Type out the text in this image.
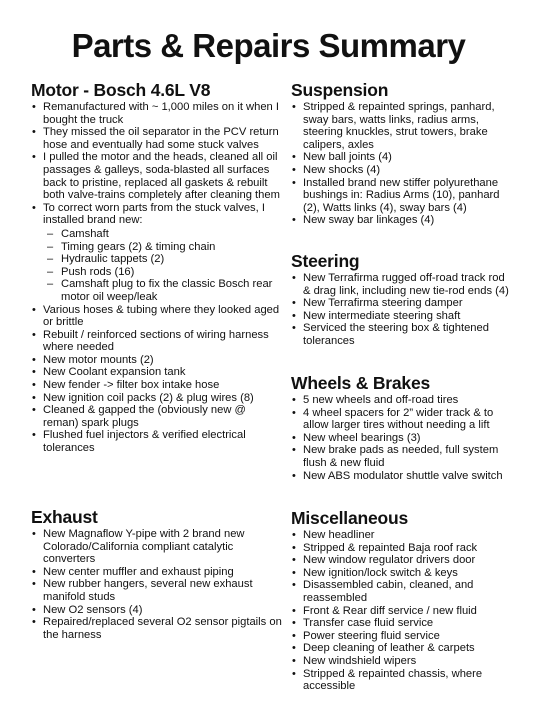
Parts & Repairs Summary
Motor - Bosch 4.6L V8
• Remanufactured with ~ 1,000 miles on it when I bought the truck
• They missed the oil separator in the PCV return hose and eventually had some stuck valves
• I pulled the motor and the heads, cleaned all oil passages & galleys, soda-blasted all surfaces back to pristine, replaced all gaskets & rebuilt both valve-trains completely after cleaning them
• To correct worn parts from the stuck valves, I installed brand new:
– Camshaft
– Timing gears (2) & timing chain
– Hydraulic tappets (2)
– Push rods (16)
– Camshaft plug to fix the classic Bosch rear motor oil weep/leak
• Various hoses & tubing where they looked aged or brittle
• Rebuilt / reinforced sections of wiring harness where needed
• New motor mounts (2)
• New Coolant expansion tank
• New fender -> filter box intake hose
• New ignition coil packs (2) & plug wires (8)
• Cleaned & gapped the (obviously new @ reman) spark plugs
• Flushed fuel injectors & verified electrical tolerances
Exhaust
• New Magnaflow Y-pipe with 2 brand new Colorado/California compliant catalytic converters
• New center muffler and exhaust piping
• New rubber hangers, several new exhaust manifold studs
• New O2 sensors (4)
• Repaired/replaced several O2 sensor pigtails on the harness
Suspension
• Stripped & repainted springs, panhard, sway bars, watts links, radius arms, steering knuckles, strut towers, brake calipers, axles
• New ball joints (4)
• New shocks (4)
• Installed brand new stiffer polyurethane bushings in: Radius Arms (10), panhard (2), Watts links (4), sway bars (4)
• New sway bar linkages (4)
Steering
• New Terrafirma rugged off-road track rod & drag link, including new tie-rod ends (4)
• New Terrafirma steering damper
• New intermediate steering shaft
• Serviced the steering box & tightened tolerances
Wheels & Brakes
• 5 new wheels and off-road tires
• 4 wheel spacers for 2” wider track & to allow larger tires without needing a lift
• New wheel bearings (3)
• New brake pads as needed, full system flush & new fluid
• New ABS modulator shuttle valve switch
Miscellaneous
• New headliner
• Stripped & repainted Baja roof rack
• New window regulator drivers door
• New ignition/lock switch & keys
• Disassembled cabin, cleaned, and reassembled
• Front & Rear diff service / new fluid
• Transfer case fluid service
• Power steering fluid service
• Deep cleaning of leather & carpets
• New windshield wipers
• Stripped & repainted chassis, where accessible
